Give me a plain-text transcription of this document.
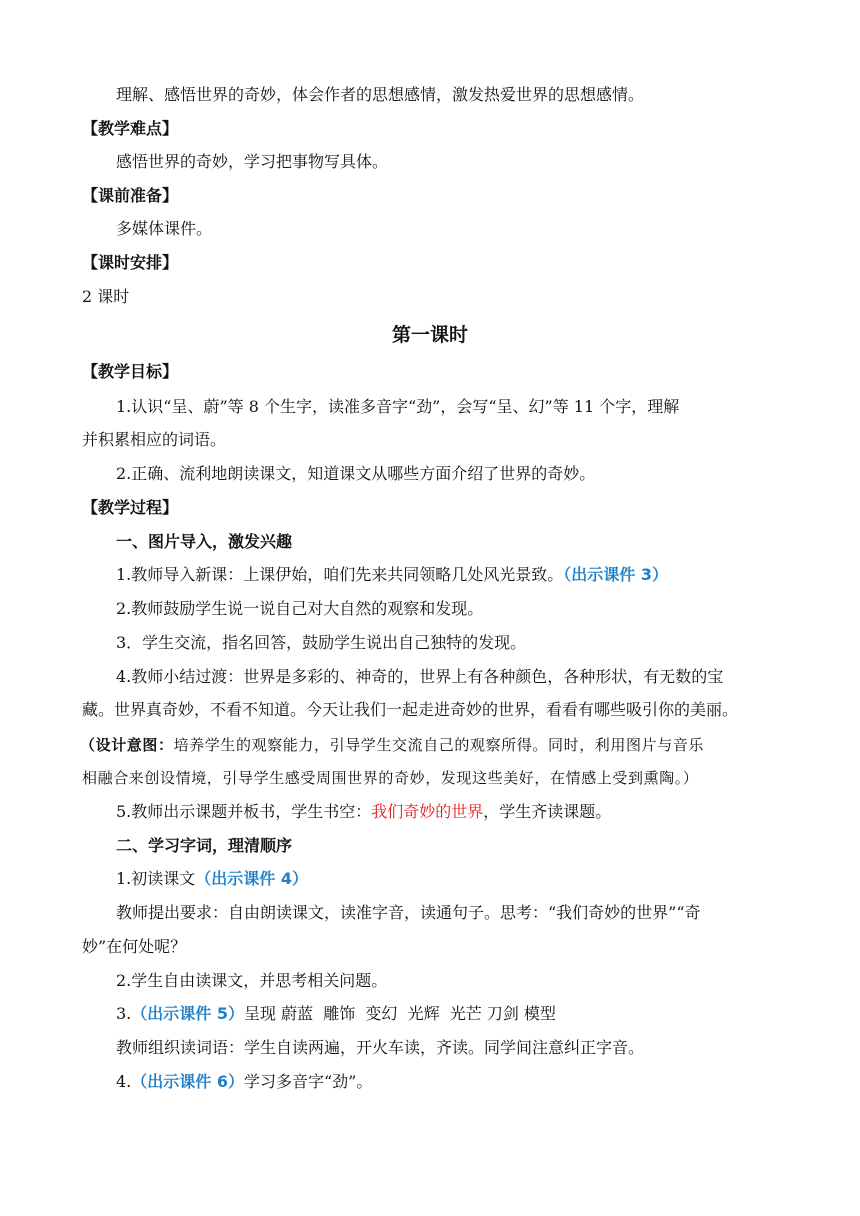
理解、感悟世界的奇妙，体会作者的思想感情，激发热爱世界的思想感情。
【教学难点】
感悟世界的奇妙，学习把事物写具体。
【课前准备】
多媒体课件。
【课时安排】
2 课时
第一课时
【教学目标】
1.认识“呈、蔚”等 8 个生字，读准多音字“劲”，会写“呈、幻”等 11 个字，理解
并积累相应的词语。
2.正确、流利地朗读课文，知道课文从哪些方面介绍了世界的奇妙。
【教学过程】
一、图片导入，激发兴趣
1.教师导入新课：上课伊始，咱们先来共同领略几处风光景致。（出示课件 3）
2.教师鼓励学生说一说自己对大自然的观察和发现。
3．学生交流，指名回答，鼓励学生说出自己独特的发现。
4.教师小结过渡：世界是多彩的、神奇的，世界上有各种颜色，各种形状，有无数的宝
藏。世界真奇妙，不看不知道。今天让我们一起走进奇妙的世界，看看有哪些吸引你的美丽。
（设计意图：培养学生的观察能力，引导学生交流自己的观察所得。同时，利用图片与音乐
相融合来创设情境，引导学生感受周围世界的奇妙，发现这些美好，在情感上受到熏陶。）
5.教师出示课题并板书，学生书空：我们奇妙的世界，学生齐读课题。
二、学习字词，理清顺序
1.初读课文（出示课件 4）
教师提出要求：自由朗读课文，读准字音，读通句子。思考：“我们奇妙的世界”“奇
妙”在何处呢？
2.学生自由读课文，并思考相关问题。
3.（出示课件 5）呈现 蔚蓝  雕饰  变幻  光辉  光芒 刀剑 模型
教师组织读词语：学生自读两遍，开火车读，齐读。同学间注意纠正字音。
4.（出示课件 6）学习多音字“劲”。
